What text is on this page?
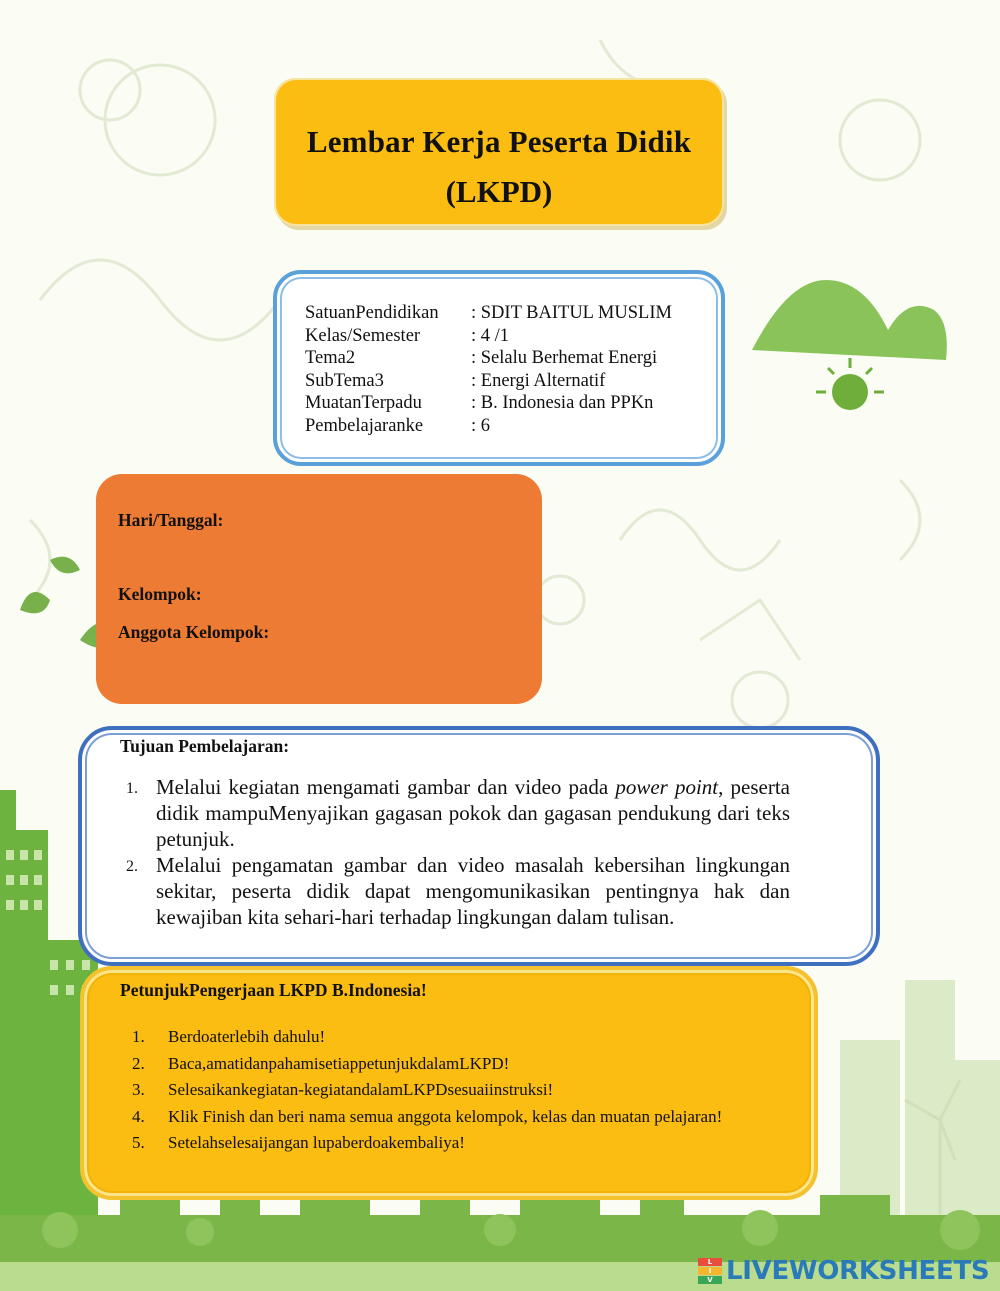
Lembar Kerja Peserta Didik
(LKPD)
SatuanPendidikan	: SDIT BAITUL MUSLIM
Kelas/Semester	: 4 /1
Tema2	: Selalu Berhemat Energi
SubTema3	: Energi Alternatif
MuatanTerpadu	: B. Indonesia dan PPKn
Pembelajaranke	: 6
Hari/Tanggal:
Kelompok:
Anggota Kelompok:
Tujuan Pembelajaran:
1. Melalui kegiatan mengamati gambar dan video pada power point, peserta didik mampuMenyajikan gagasan pokok dan gagasan pendukung dari teks petunjuk.
2. Melalui pengamatan gambar dan video masalah kebersihan lingkungan sekitar, peserta didik dapat mengomunikasikan pentingnya hak dan kewajiban kita sehari-hari terhadap lingkungan dalam tulisan.
PetunjukPengerjaan LKPD B.Indonesia!
1.	Berdoaterlebih dahulu!
2.	Baca,amatidanpahamisetiappetunjukdalamLKPD!
3.	Selesaikankegiatan-kegiatandalamLKPDsesuaiinstruksi!
4.	Klik Finish dan beri nama semua anggota kelompok, kelas dan muatan pelajaran!
5.	Setelahselesaijangan lupaberdoakembaliya!
L
I
V LIVEWORKSHEETS
